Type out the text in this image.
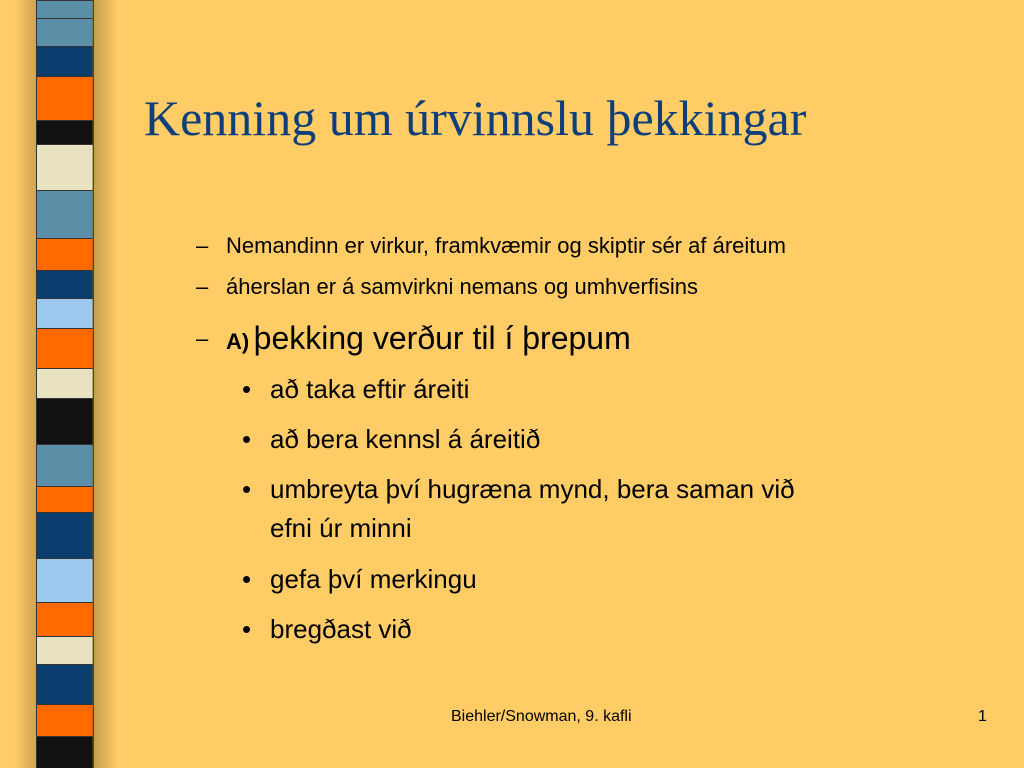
Kenning um úrvinnslu þekkingar
– Nemandinn er virkur, framkvæmir og skiptir sér af áreitum
– áherslan er á samvirkni nemans og umhverfisins
– A) þekking verður til í þrepum
• að taka eftir áreiti
• að bera kennsl á áreitið
• umbreyta því hugræna mynd, bera saman við
efni úr minni
• gefa því merkingu
• bregðast við
Biehler/Snowman, 9. kafli	1
